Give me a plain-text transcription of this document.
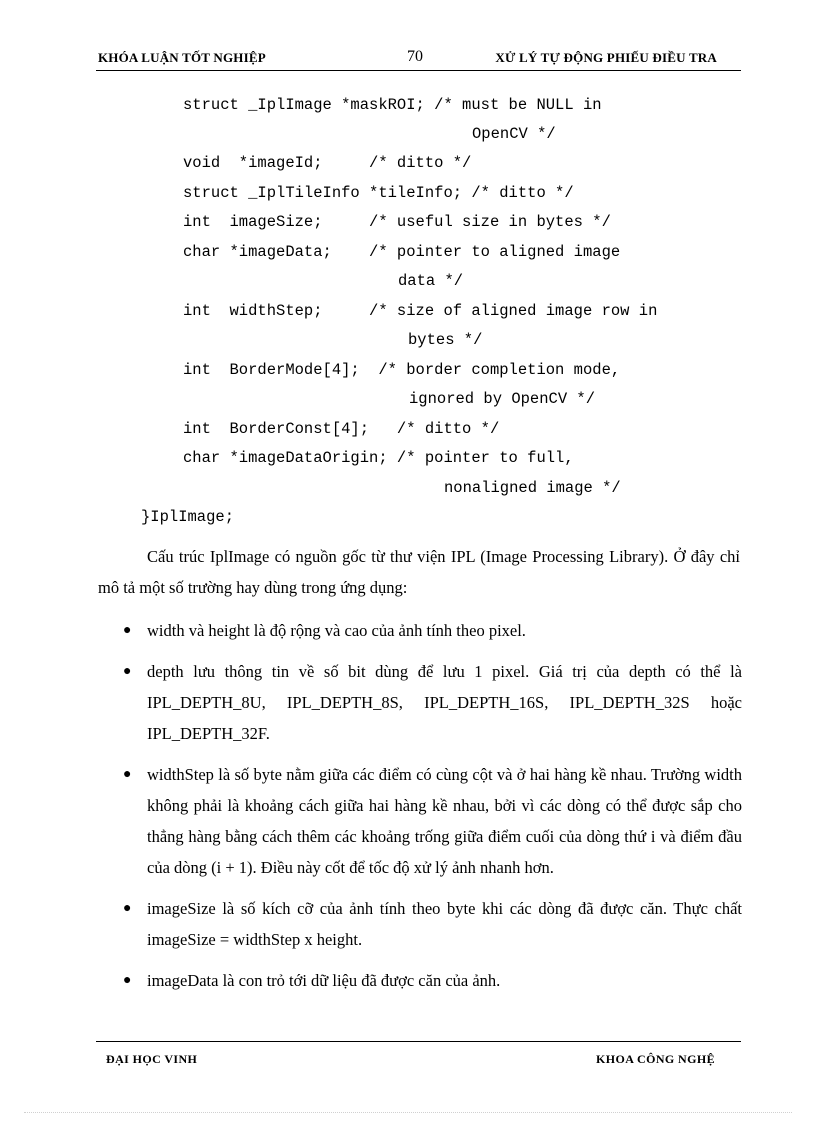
KHÓA LUẬN TỐT NGHIỆP	70	XỬ LÝ TỰ ĐỘNG PHIẾU ĐIỀU TRA
struct _IplImage *maskROI; /* must be NULL in
OpenCV */
void  *imageId;     /* ditto */
struct _IplTileInfo *tileInfo; /* ditto */
int  imageSize;     /* useful size in bytes */
char *imageData;    /* pointer to aligned image
data */
int  widthStep;     /* size of aligned image row in
bytes */
int  BorderMode[4];  /* border completion mode,
ignored by OpenCV */
int  BorderConst[4];   /* ditto */
char *imageDataOrigin; /* pointer to full,
nonaligned image */
}IplImage;
Cấu trúc IplImage có nguồn gốc từ thư viện IPL (Image Processing Library). Ở đây chỉ mô tả một số trường hay dùng trong ứng dụng:
● width và height là độ rộng và cao của ảnh tính theo pixel.
● depth lưu thông tin về số bit dùng để lưu 1 pixel. Giá trị của depth có thể là IPL_DEPTH_8U, IPL_DEPTH_8S, IPL_DEPTH_16S, IPL_DEPTH_32S hoặc IPL_DEPTH_32F.
● widthStep là số byte nằm giữa các điểm có cùng cột và ở hai hàng kề nhau. Trường width không phải là khoảng cách giữa hai hàng kề nhau, bởi vì các dòng có thể được sắp cho thẳng hàng bằng cách thêm các khoảng trống giữa điểm cuối của dòng thứ i và điểm đầu của dòng (i + 1). Điều này cốt để tốc độ xử lý ảnh nhanh hơn.
● imageSize là số kích cỡ của ảnh tính theo byte khi các dòng đã được căn. Thực chất imageSize = widthStep x height.
● imageData là con trỏ tới dữ liệu đã được căn của ảnh.
ĐẠI HỌC VINH	KHOA CÔNG NGHỆ
